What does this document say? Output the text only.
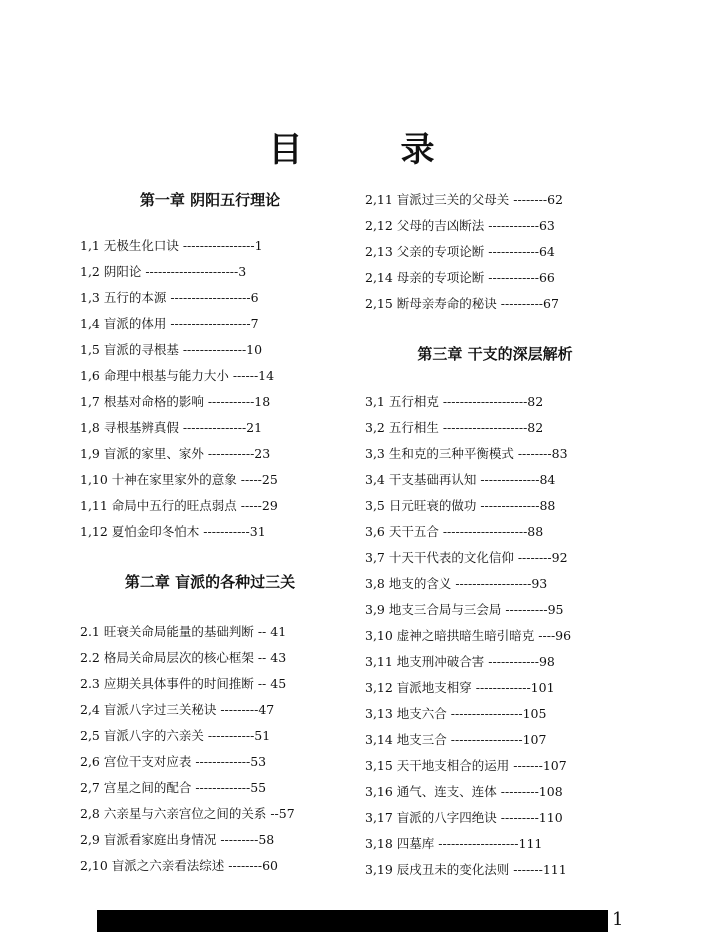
目　录
第一章 阴阳五行理论
1,1 无极生化口诀 -----------------1
1,2 阴阳论 ----------------------3
1,3 五行的本源 -------------------6
1,4 盲派的体用 -------------------7
1,5 盲派的寻根基 ---------------10
1,6 命理中根基与能力大小 ------14
1,7 根基对命格的影响 -----------18
1,8 寻根基辨真假 ---------------21
1,9 盲派的家里、家外 -----------23
1,10 十神在家里家外的意象 -----25
1,11 命局中五行的旺点弱点 -----29
1,12 夏怕金印冬怕木 -----------31
第二章 盲派的各种过三关
2.1 旺衰关命局能量的基础判断 -- 41
2.2 格局关命局层次的核心框架 -- 43
2.3 应期关具体事件的时间推断 -- 45
2,4 盲派八字过三关秘诀 ---------47
2,5 盲派八字的六亲关 -----------51
2,6 宫位干支对应表 -------------53
2,7 宫星之间的配合 -------------55
2,8 六亲星与六亲宫位之间的关系 --57
2,9 盲派看家庭出身情况 ---------58
2,10 盲派之六亲看法综述 --------60
2,11 盲派过三关的父母关 --------62
2,12 父母的吉凶断法 ------------63
2,13 父亲的专项论断 ------------64
2,14 母亲的专项论断 ------------66
2,15 断母亲寿命的秘诀 ----------67
第三章 干支的深层解析
3,1 五行相克 --------------------82
3,2 五行相生 --------------------82
3,3 生和克的三种平衡模式 --------83
3,4 干支基础再认知 --------------84
3,5 日元旺衰的做功 --------------88
3,6 天干五合 --------------------88
3,7 十天干代表的文化信仰 --------92
3,8 地支的含义 ------------------93
3,9 地支三合局与三会局 ----------95
3,10 虚神之暗拱暗生暗引暗克 ----96
3,11 地支刑冲破合害 ------------98
3,12 盲派地支相穿 -------------101
3,13 地支六合 -----------------105
3,14 地支三合 -----------------107
3,15 天干地支相合的运用 -------107
3,16 通气、连支、连体 ---------108
3,17 盲派的八字四绝诀 ---------110
3,18 四墓库 -------------------111
3,19 辰戌丑未的变化法则 -------111
1
